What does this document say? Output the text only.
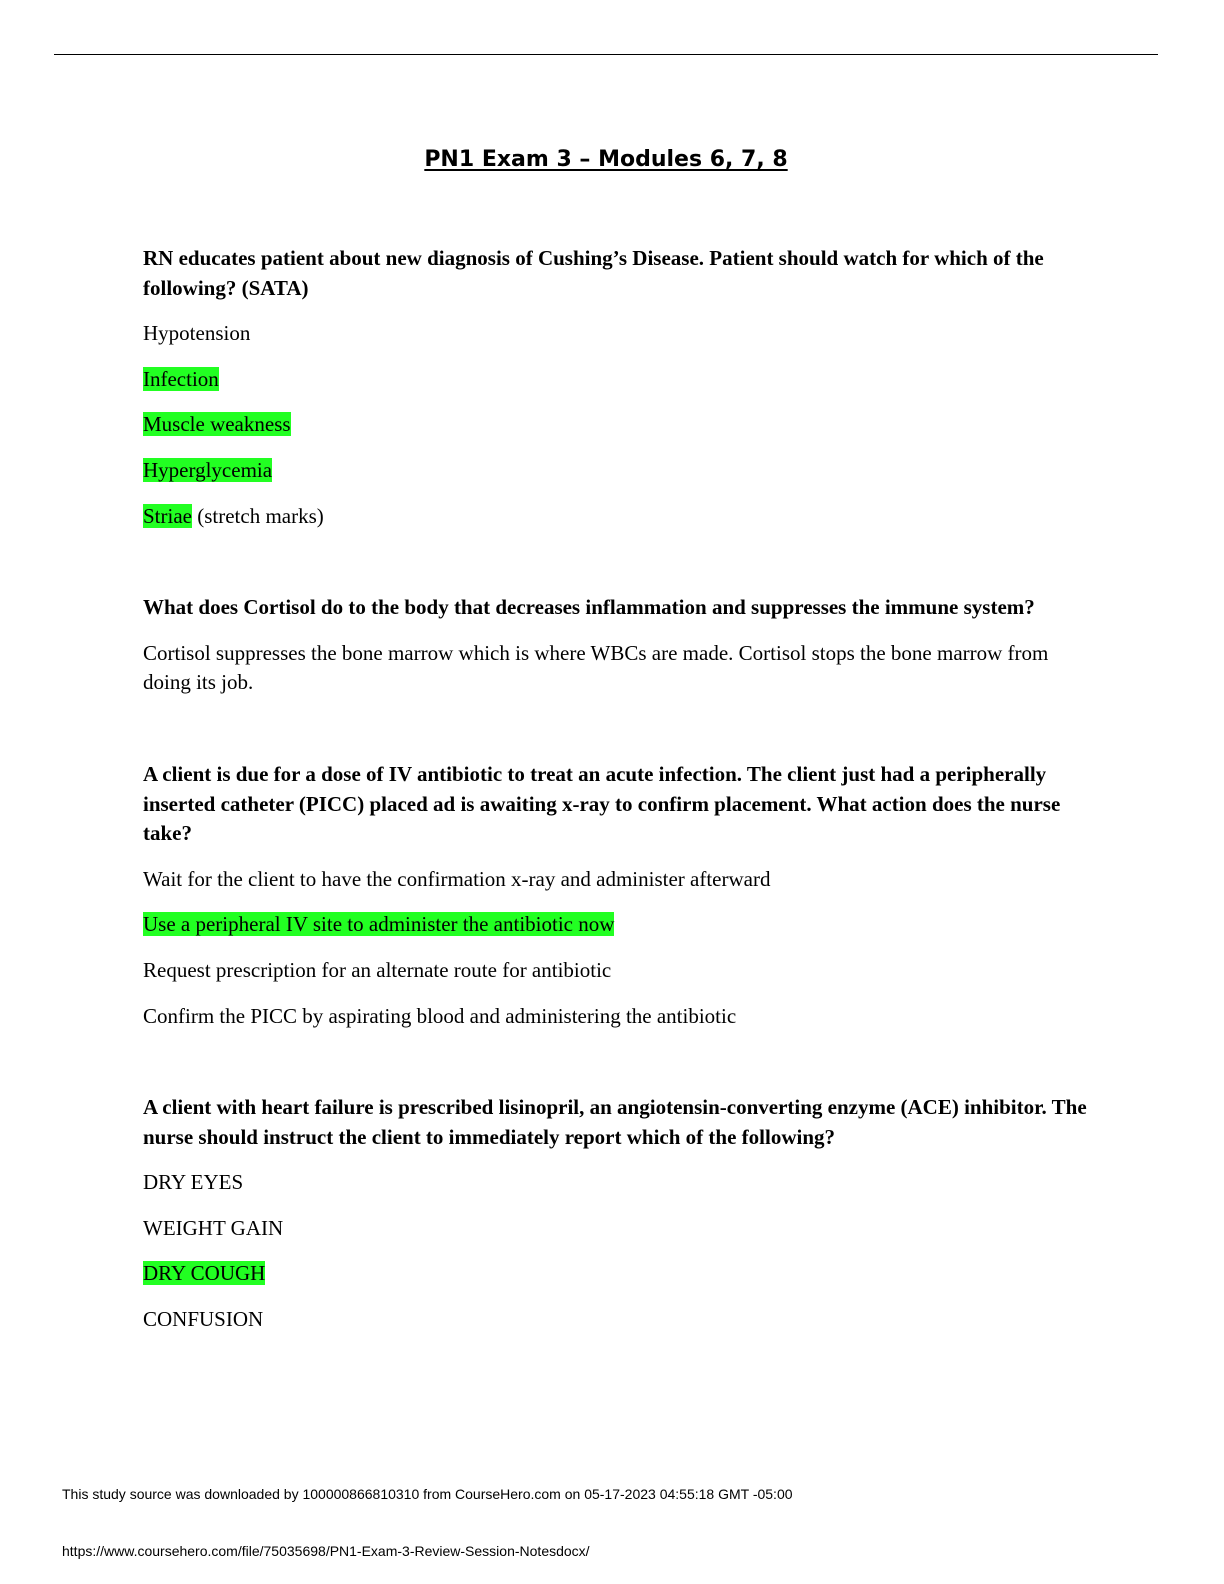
PN1 Exam 3 – Modules 6, 7, 8

RN educates patient about new diagnosis of Cushing’s Disease. Patient should watch for which of the following? (SATA)

Hypotension

Infection

Muscle weakness

Hyperglycemia

Striae (stretch marks)

What does Cortisol do to the body that decreases inflammation and suppresses the immune system?

Cortisol suppresses the bone marrow which is where WBCs are made. Cortisol stops the bone marrow from doing its job.

A client is due for a dose of IV antibiotic to treat an acute infection. The client just had a peripherally inserted catheter (PICC) placed ad is awaiting x-ray to confirm placement. What action does the nurse take?

Wait for the client to have the confirmation x-ray and administer afterward

Use a peripheral IV site to administer the antibiotic now

Request prescription for an alternate route for antibiotic

Confirm the PICC by aspirating blood and administering the antibiotic

A client with heart failure is prescribed lisinopril, an angiotensin-converting enzyme (ACE) inhibitor. The nurse should instruct the client to immediately report which of the following?

DRY EYES

WEIGHT GAIN

DRY COUGH

CONFUSION

This study source was downloaded by 100000866810310 from CourseHero.com on 05-17-2023 04:55:18 GMT -05:00

https://www.coursehero.com/file/75035698/PN1-Exam-3-Review-Session-Notesdocx/
